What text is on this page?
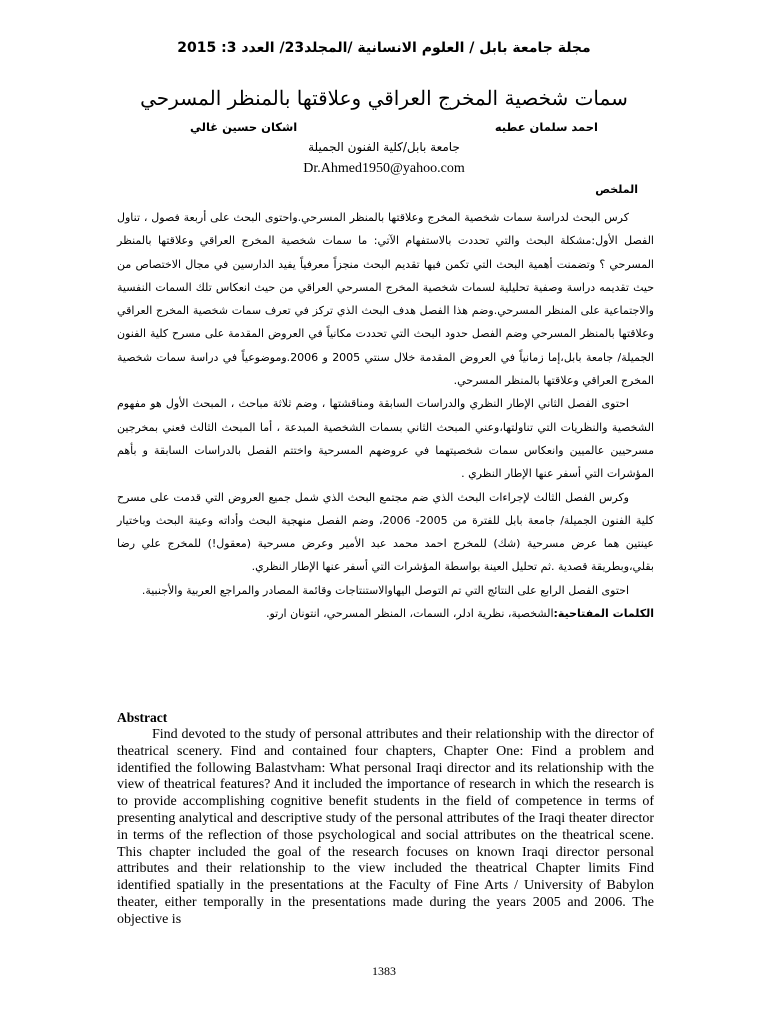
مجلة جامعة بابل / العلوم الانسانية /المجلد23/ العدد 3: 2015
سمات شخصية المخرج العراقي وعلاقتها بالمنظر المسرحي
احمد سلمان عطيه
اشكان حسين غالي
جامعة بابل/كلية الفنون الجميلة
Dr.Ahmed1950@yahoo.com
الملخص

كرس البحث لدراسة سمات شخصية المخرج وعلاقتها بالمنظر المسرحي.واحتوى البحث على أربعة فصول ، تناول الفصل الأول:مشكلة البحث والتي تحددت بالاستفهام الآتي: ما سمات شخصية المخرج العراقي وعلاقتها بالمنظر المسرحي ؟ وتضمنت أهمية البحث التي تكمن فيها تقديم البحث منجزاً معرفياً يفيد الدارسين في مجال الاختصاص من حيث تقديمه دراسة وصفية تحليلية لسمات شخصية المخرج المسرحي العراقي من حيث انعكاس تلك السمات النفسية والاجتماعية على المنظر المسرحي.وضم هذا الفصل هدف البحث الذي تركز في تعرف سمات شخصية المخرج العراقي وعلاقتها بالمنظر المسرحي وضم الفصل حدود البحث التي تحددت مكانياً في العروض المقدمة على مسرح كلية الفنون الجميلة/ جامعة بابل،إما زمانياً في العروض المقدمة خلال سنتي 2005 و 2006.وموضوعياً في دراسة سمات شخصية المخرج العراقي وعلاقتها بالمنظر المسرحي.

احتوى الفصل الثاني الإطار النظري والدراسات السابقة ومناقشتها ، وضم ثلاثة مباحث ، المبحث الأول هو مفهوم الشخصية والنظريات التي تناولتها،وعني المبحث الثاني بسمات الشخصية المبدعة ، أما المبحث الثالث فعني بمخرجين مسرحيين عالميين وانعكاس سمات شخصيتهما في عروضهم المسرحية واختتم الفصل بالدراسات السابقة و بأهم المؤشرات التي أسفر عنها الإطار النظري .

وكرس الفصل الثالث لإجراءات البحث الذي ضم مجتمع البحث الذي شمل جميع العروض التي قدمت على مسرح كلية الفنون الجميلة/ جامعة بابل للفترة من 2005- 2006، وضم الفصل منهجية البحث وأداته وعينة البحث وباختيار عينتين هما عرض مسرحية (شك) للمخرج احمد محمد عبد الأمير وعرض مسرحية (معقول!) للمخرج علي رضا بقلي،وبطريقة قصدية .ثم تحليل العينة بواسطة المؤشرات التي أسفر عنها الإطار النظري.

احتوى الفصل الرابع على النتائج التي تم التوصل اليهاوالاستنتاجات وقائمة المصادر والمراجع العربية والأجنبية.

الكلمات المفتاحية:الشخصية، نظرية ادلر، السمات، المنظر المسرحي، انتونان ارتو.

Abstract

Find devoted to the study of personal attributes and their relationship with the director of theatrical scenery. Find and contained four chapters, Chapter One: Find a problem and identified the following Balastvham: What personal Iraqi director and its relationship with the view of theatrical features? And it included the importance of research in which the research is to provide accomplishing cognitive benefit students in the field of competence in terms of presenting analytical and descriptive study of the personal attributes of the Iraqi theater director in terms of the reflection of those psychological and social attributes on the theatrical scene. This chapter included the goal of the research focuses on known Iraqi director personal attributes and their relationship to the view included the theatrical Chapter limits Find identified spatially in the presentations at the Faculty of Fine Arts / University of Babylon theater, either temporally in the presentations made during the years 2005 and 2006. The objective is

1383
